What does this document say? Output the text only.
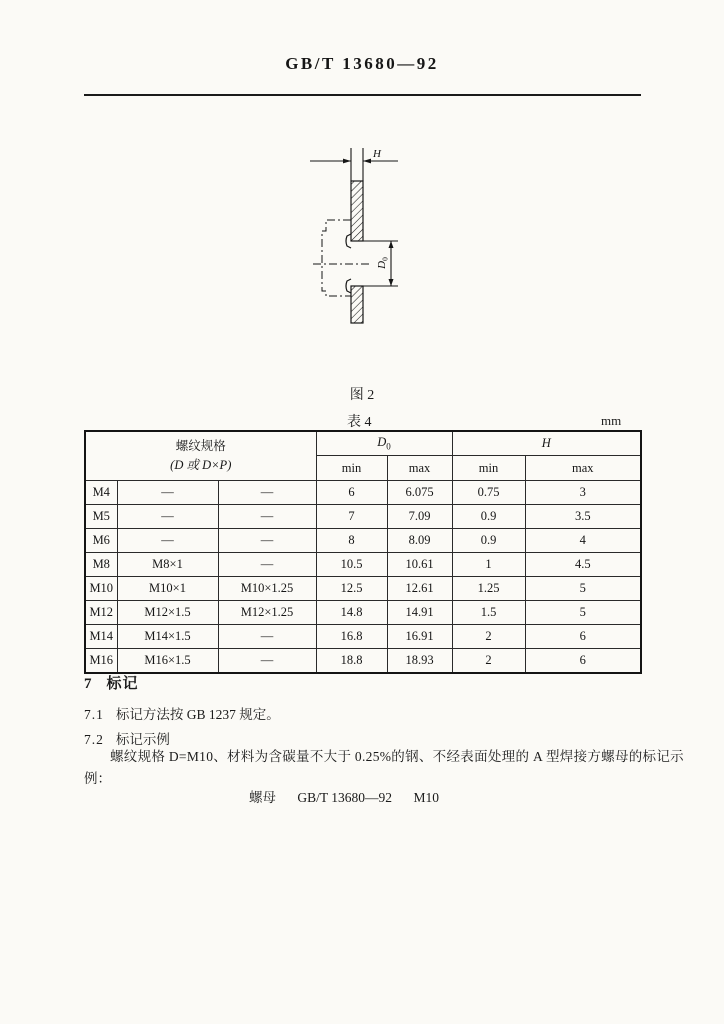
GB/T 13680—92
H
$D_0$
图 2
表 4	mm
螺纹规格
(D 或 D×P)			$D_0$		H	
			min	max	min	max
M4	—	—	6	6.075	0.75	3
M5	—	—	7	7.09	0.9	3.5
M6	—	—	8	8.09	0.9	4
M8	M8×1	—	10.5	10.61	1	4.5
M10	M10×1	M10×1.25	12.5	12.61	1.25	5
M12	M12×1.5	M12×1.25	14.8	14.91	1.5	5
M14	M14×1.5	—	16.8	16.91	2	6
M16	M16×1.5	—	18.8	18.93	2	6
7 标记
7.1 标记方法按 GB 1237 规定。
7.2 标记示例
螺纹规格 D=M10、材料为含碳量不大于 0.25%的钢、不经表面处理的 A 型焊接方螺母的标记示
例：
螺母 GB/T 13680—92 M10
